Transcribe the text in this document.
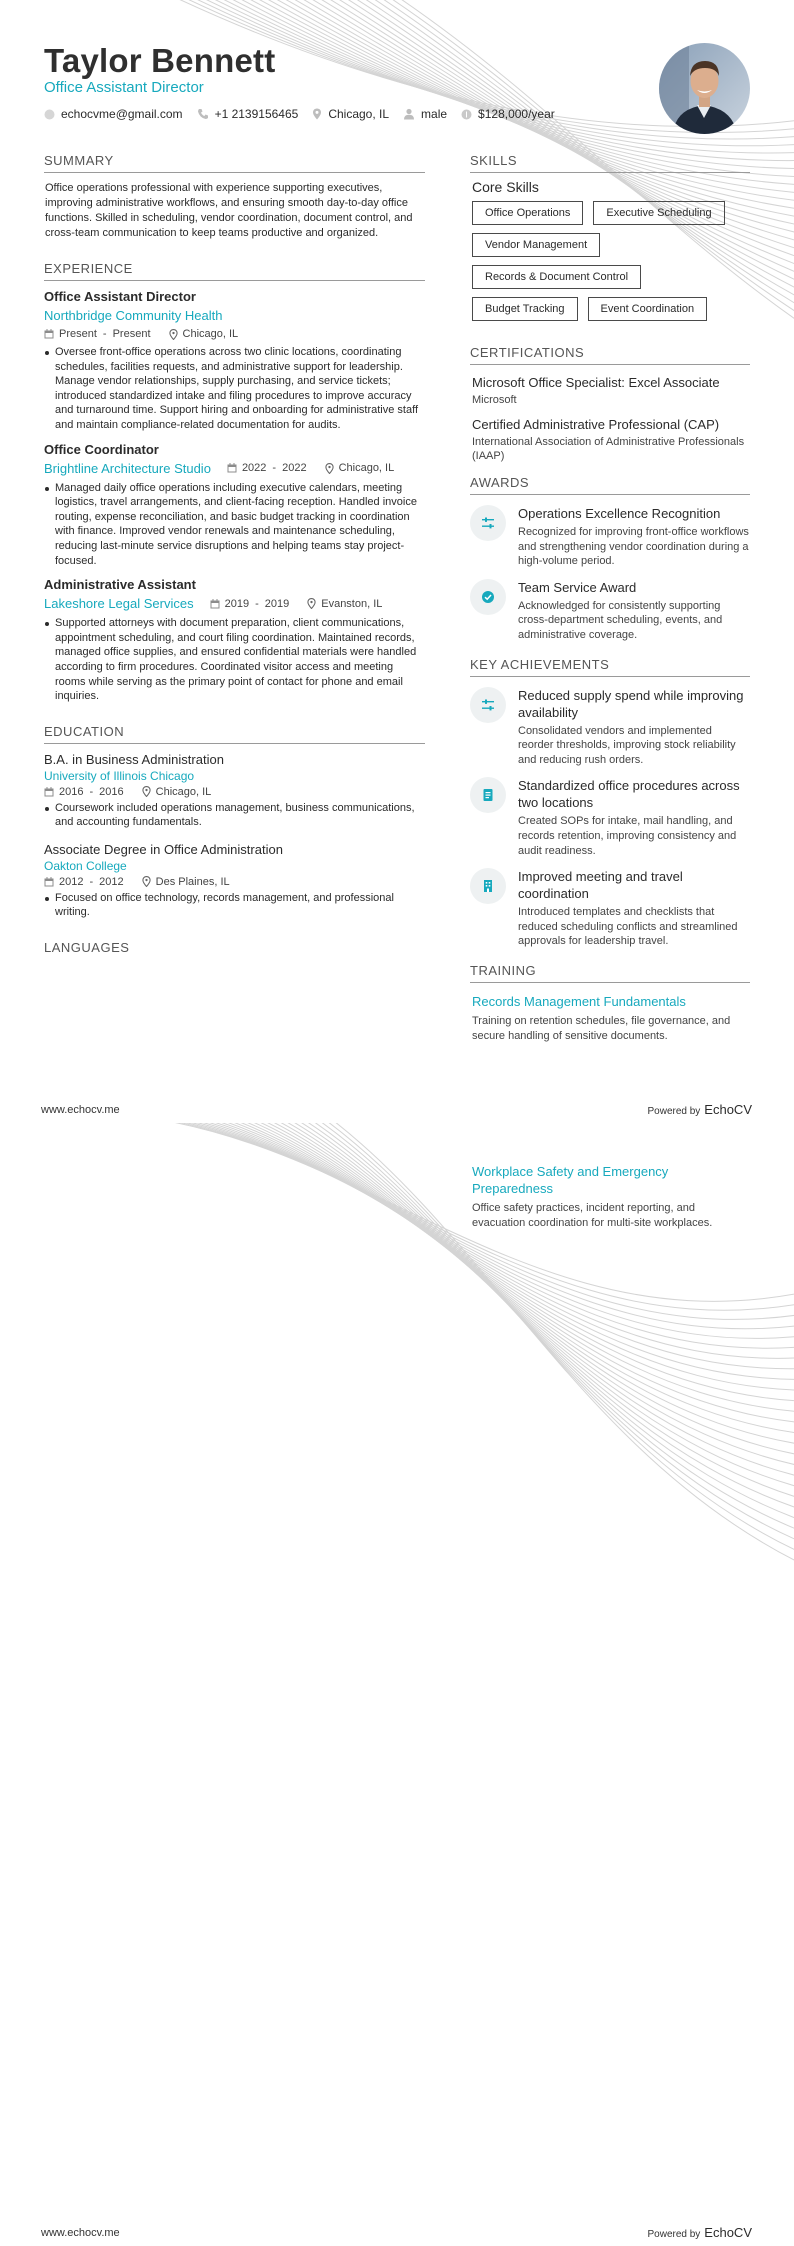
Taylor Bennett
Office Assistant Director
echocvme@gmail.com	+1 2139156465	Chicago, IL	male	$128,000/year
SUMMARY

Office operations professional with experience supporting executives, improving administrative workflows, and ensuring smooth day-to-day office functions. Skilled in scheduling, vendor coordination, document control, and cross-team communication to keep teams productive and organized.

EXPERIENCE
Office Assistant Director
Northbridge Community Health
Present - Present	Chicago, IL
Oversee front-office operations across two clinic locations, coordinating schedules, facilities requests, and administrative support for leadership. Manage vendor relationships, supply purchasing, and service tickets; introduced standardized intake and filing procedures to improve accuracy and turnaround time. Support hiring and onboarding for administrative staff and maintain compliance-related documentation for audits.
Office Coordinator
Brightline Architecture Studio	2022 - 2022	Chicago, IL
Managed daily office operations including executive calendars, meeting logistics, travel arrangements, and client-facing reception. Handled invoice routing, expense reconciliation, and basic budget tracking in coordination with finance. Improved vendor renewals and maintenance scheduling, reducing last-minute service disruptions and helping teams stay project-focused.
Administrative Assistant
Lakeshore Legal Services	2019 - 2019	Evanston, IL
Supported attorneys with document preparation, client communications, appointment scheduling, and court filing coordination. Maintained records, managed office supplies, and ensured confidential materials were handled according to firm procedures. Coordinated visitor access and meeting rooms while serving as the primary point of contact for phone and email inquiries.
EDUCATION
B.A. in Business Administration
University of Illinois Chicago
2016 - 2016	Chicago, IL
Coursework included operations management, business communications, and accounting fundamentals.
Associate Degree in Office Administration
Oakton College
2012 - 2012	Des Plaines, IL
Focused on office technology, records management, and professional writing.
LANGUAGES
SKILLS
Core Skills
Office Operations	Executive Scheduling
Vendor Management
Records & Document Control
Budget Tracking	Event Coordination
CERTIFICATIONS
Microsoft Office Specialist: Excel Associate
Microsoft
Certified Administrative Professional (CAP)
International Association of Administrative Professionals (IAAP)
AWARDS
Operations Excellence Recognition
Recognized for improving front-office workflows and strengthening vendor coordination during a high-volume period.
Team Service Award
Acknowledged for consistently supporting cross-department scheduling, events, and administrative coverage.
KEY ACHIEVEMENTS
Reduced supply spend while improving availability
Consolidated vendors and implemented reorder thresholds, improving stock reliability and reducing rush orders.
Standardized office procedures across two locations
Created SOPs for intake, mail handling, and records retention, improving consistency and audit readiness.
Improved meeting and travel coordination
Introduced templates and checklists that reduced scheduling conflicts and streamlined approvals for leadership travel.
TRAINING
Records Management Fundamentals
Training on retention schedules, file governance, and secure handling of sensitive documents.
www.echocv.me	Powered by EchoCV
Workplace Safety and Emergency Preparedness
Office safety practices, incident reporting, and evacuation coordination for multi-site workplaces.
www.echocv.me	Powered by EchoCV
